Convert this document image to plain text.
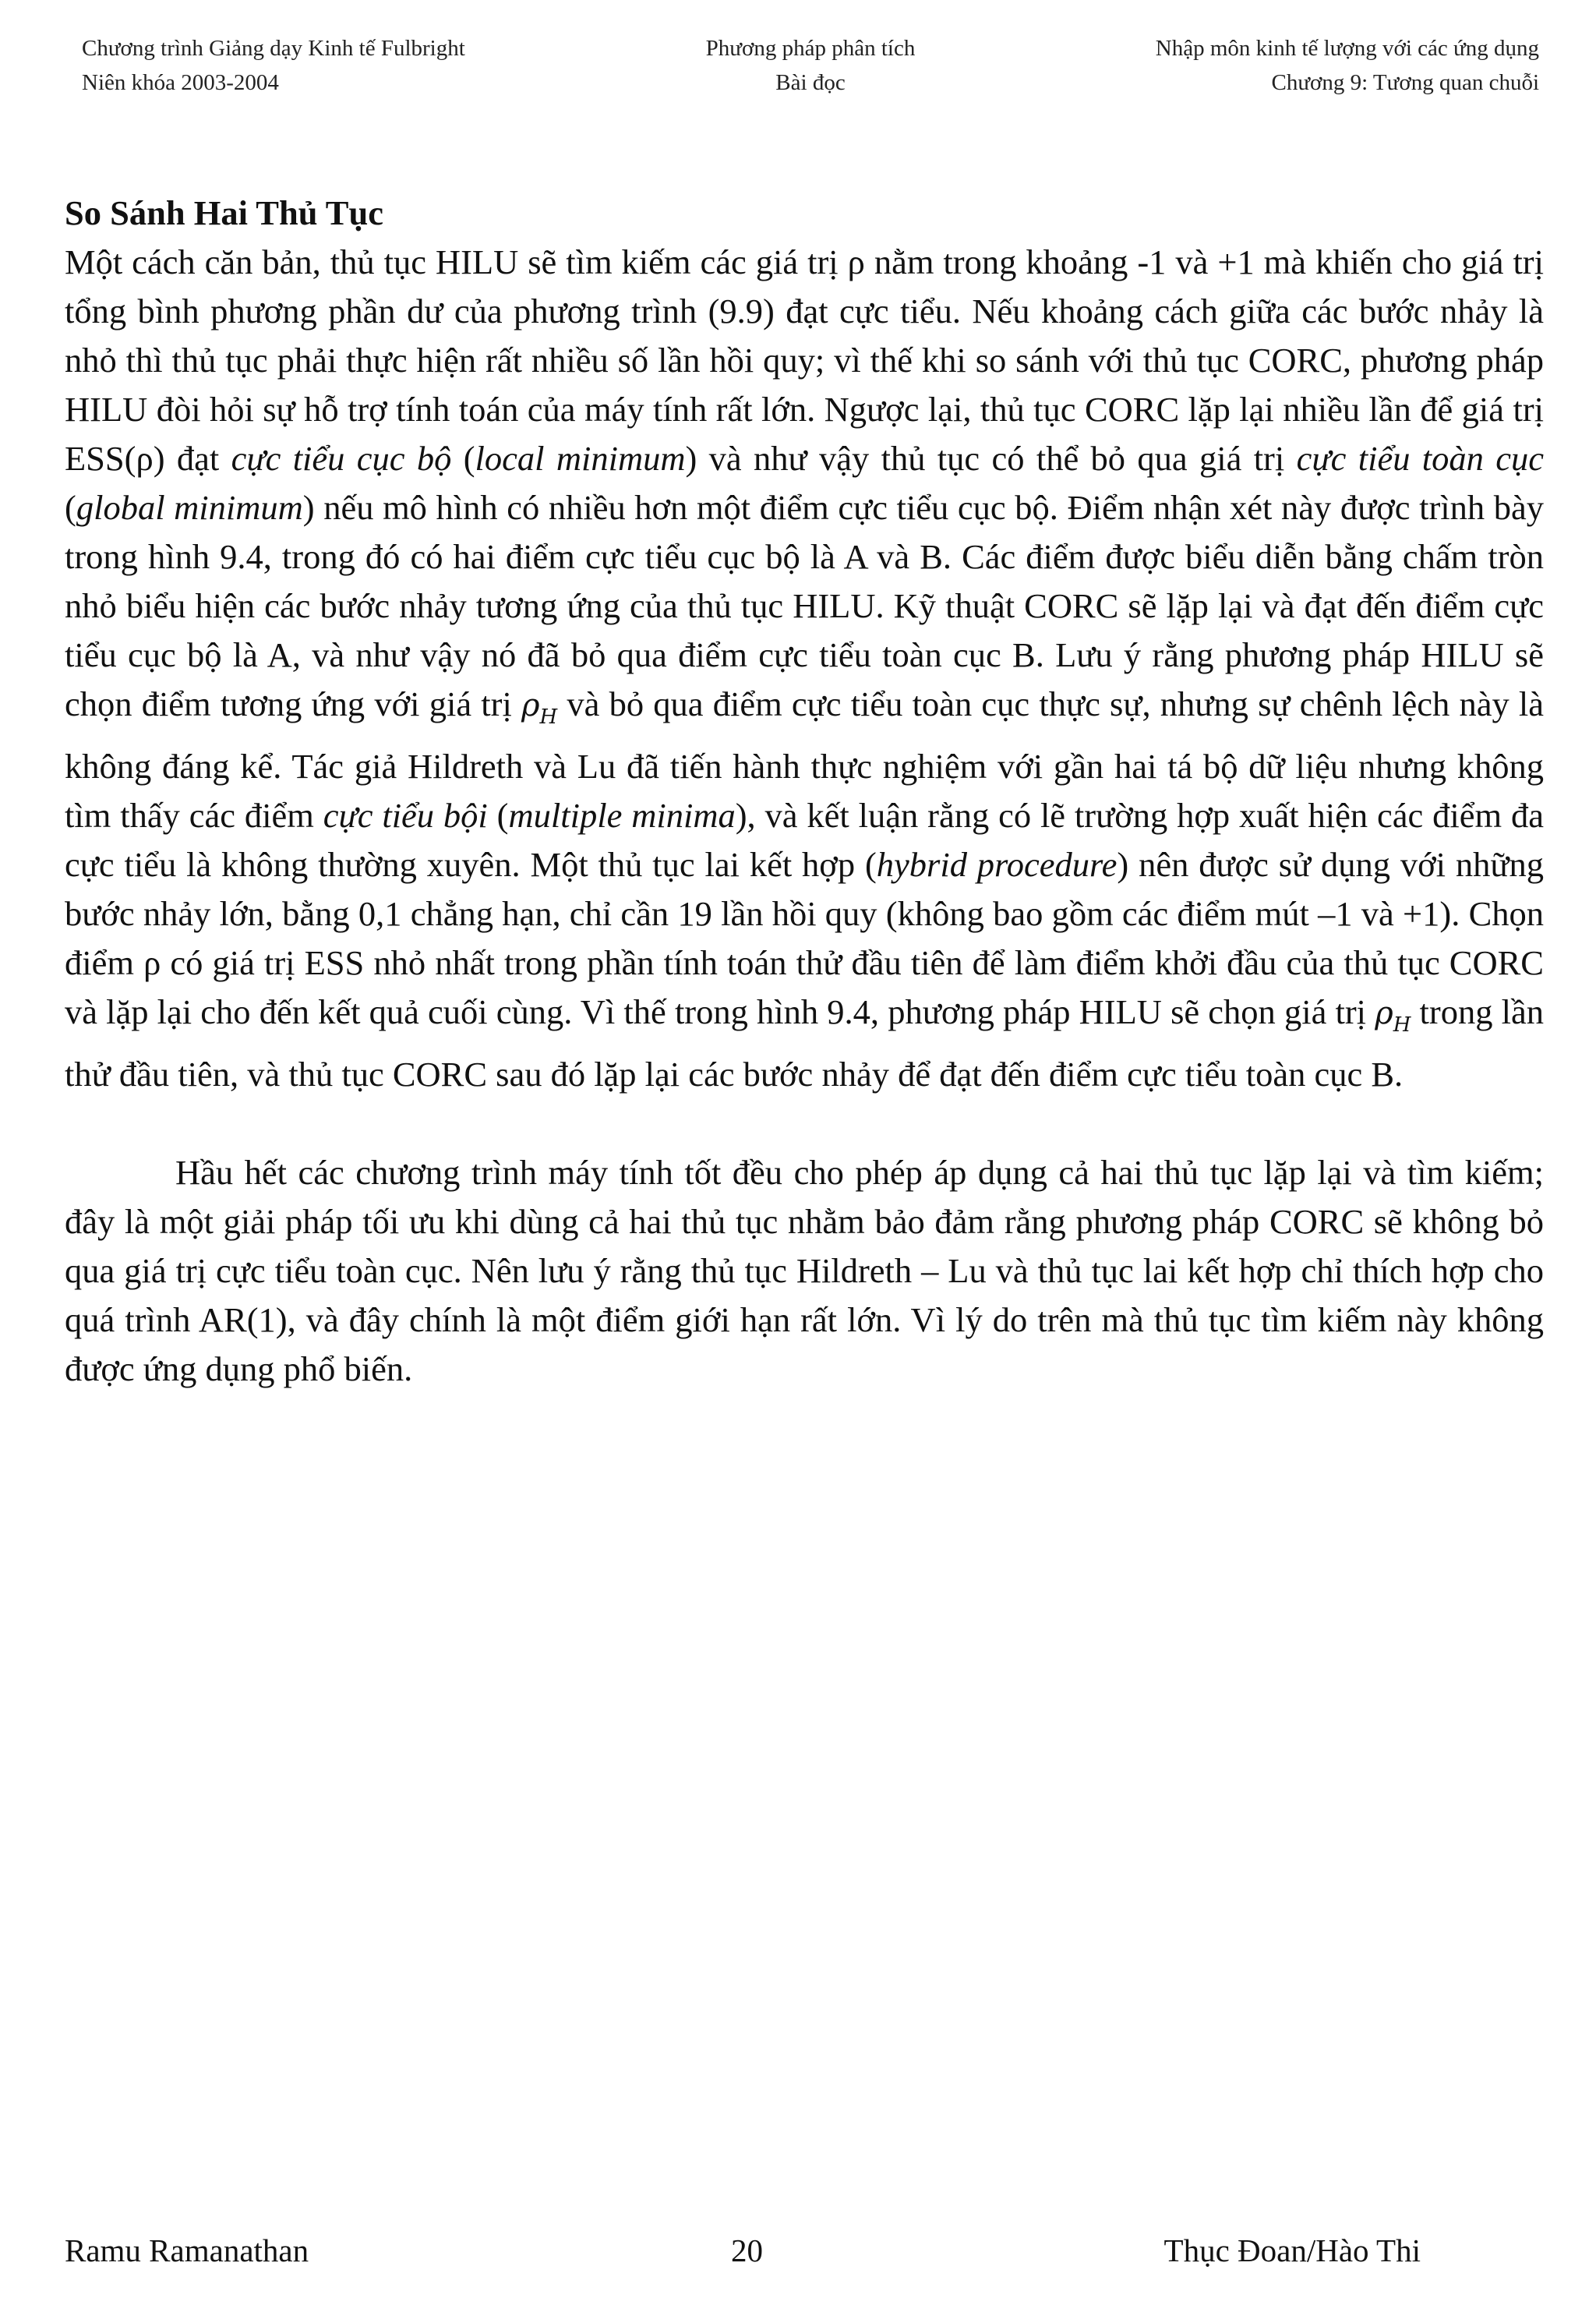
Chương trình Giảng dạy Kinh tế Fulbright
Niên khóa 2003-2004
Phương pháp phân tích
Bài đọc
Nhập môn kinh tế lượng với các ứng dụng
Chương 9: Tương quan chuỗi
So Sánh Hai Thủ Tục

Một cách căn bản, thủ tục HILU sẽ tìm kiếm các giá trị ρ nằm trong khoảng -1 và +1 mà khiến cho giá trị tổng bình phương phần dư của phương trình (9.9) đạt cực tiểu. Nếu khoảng cách giữa các bước nhảy là nhỏ thì thủ tục phải thực hiện rất nhiều số lần hồi quy; vì thế khi so sánh với thủ tục CORC, phương pháp HILU đòi hỏi sự hỗ trợ tính toán của máy tính rất lớn. Ngược lại, thủ tục CORC lặp lại nhiều lần để giá trị ESS(ρ) đạt cực tiểu cục bộ (local minimum) và như vậy thủ tục có thể bỏ qua giá trị cực tiểu toàn cục (global minimum) nếu mô hình có nhiều hơn một điểm cực tiểu cục bộ. Điểm nhận xét này được trình bày trong hình 9.4, trong đó có hai điểm cực tiểu cục bộ là A và B. Các điểm được biểu diễn bằng chấm tròn nhỏ biểu hiện các bước nhảy tương ứng của thủ tục HILU. Kỹ thuật CORC sẽ lặp lại và đạt đến điểm cực tiểu cục bộ là A, và như vậy nó đã bỏ qua điểm cực tiểu toàn cục B. Lưu ý rằng phương pháp HILU sẽ chọn điểm tương ứng với giá trị $\rho_H$ và bỏ qua điểm cực tiểu toàn cục thực sự, nhưng sự chênh lệch này là không đáng kể. Tác giả Hildreth và Lu đã tiến hành thực nghiệm với gần hai tá bộ dữ liệu nhưng không tìm thấy các điểm cực tiểu bội (multiple minima), và kết luận rằng có lẽ trường hợp xuất hiện các điểm đa cực tiểu là không thường xuyên. Một thủ tục lai kết hợp (hybrid procedure) nên được sử dụng với những bước nhảy lớn, bằng 0,1 chẳng hạn, chỉ cần 19 lần hồi quy (không bao gồm các điểm mút –1 và +1). Chọn điểm ρ có giá trị ESS nhỏ nhất trong phần tính toán thử đầu tiên để làm điểm khởi đầu của thủ tục CORC và lặp lại cho đến kết quả cuối cùng. Vì thế trong hình 9.4, phương pháp HILU sẽ chọn giá trị $\rho_H$ trong lần thử đầu tiên, và thủ tục CORC sau đó lặp lại các bước nhảy để đạt đến điểm cực tiểu toàn cục B.

Hầu hết các chương trình máy tính tốt đều cho phép áp dụng cả hai thủ tục lặp lại và tìm kiếm; đây là một giải pháp tối ưu khi dùng cả hai thủ tục nhằm bảo đảm rằng phương pháp CORC sẽ không bỏ qua giá trị cực tiểu toàn cục. Nên lưu ý rằng thủ tục Hildreth – Lu và thủ tục lai kết hợp chỉ thích hợp cho quá trình AR(1), và đây chính là một điểm giới hạn rất lớn. Vì lý do trên mà thủ tục tìm kiếm này không được ứng dụng phổ biến.

Ramu Ramanathan	20	Thục Đoan/Hào Thi
